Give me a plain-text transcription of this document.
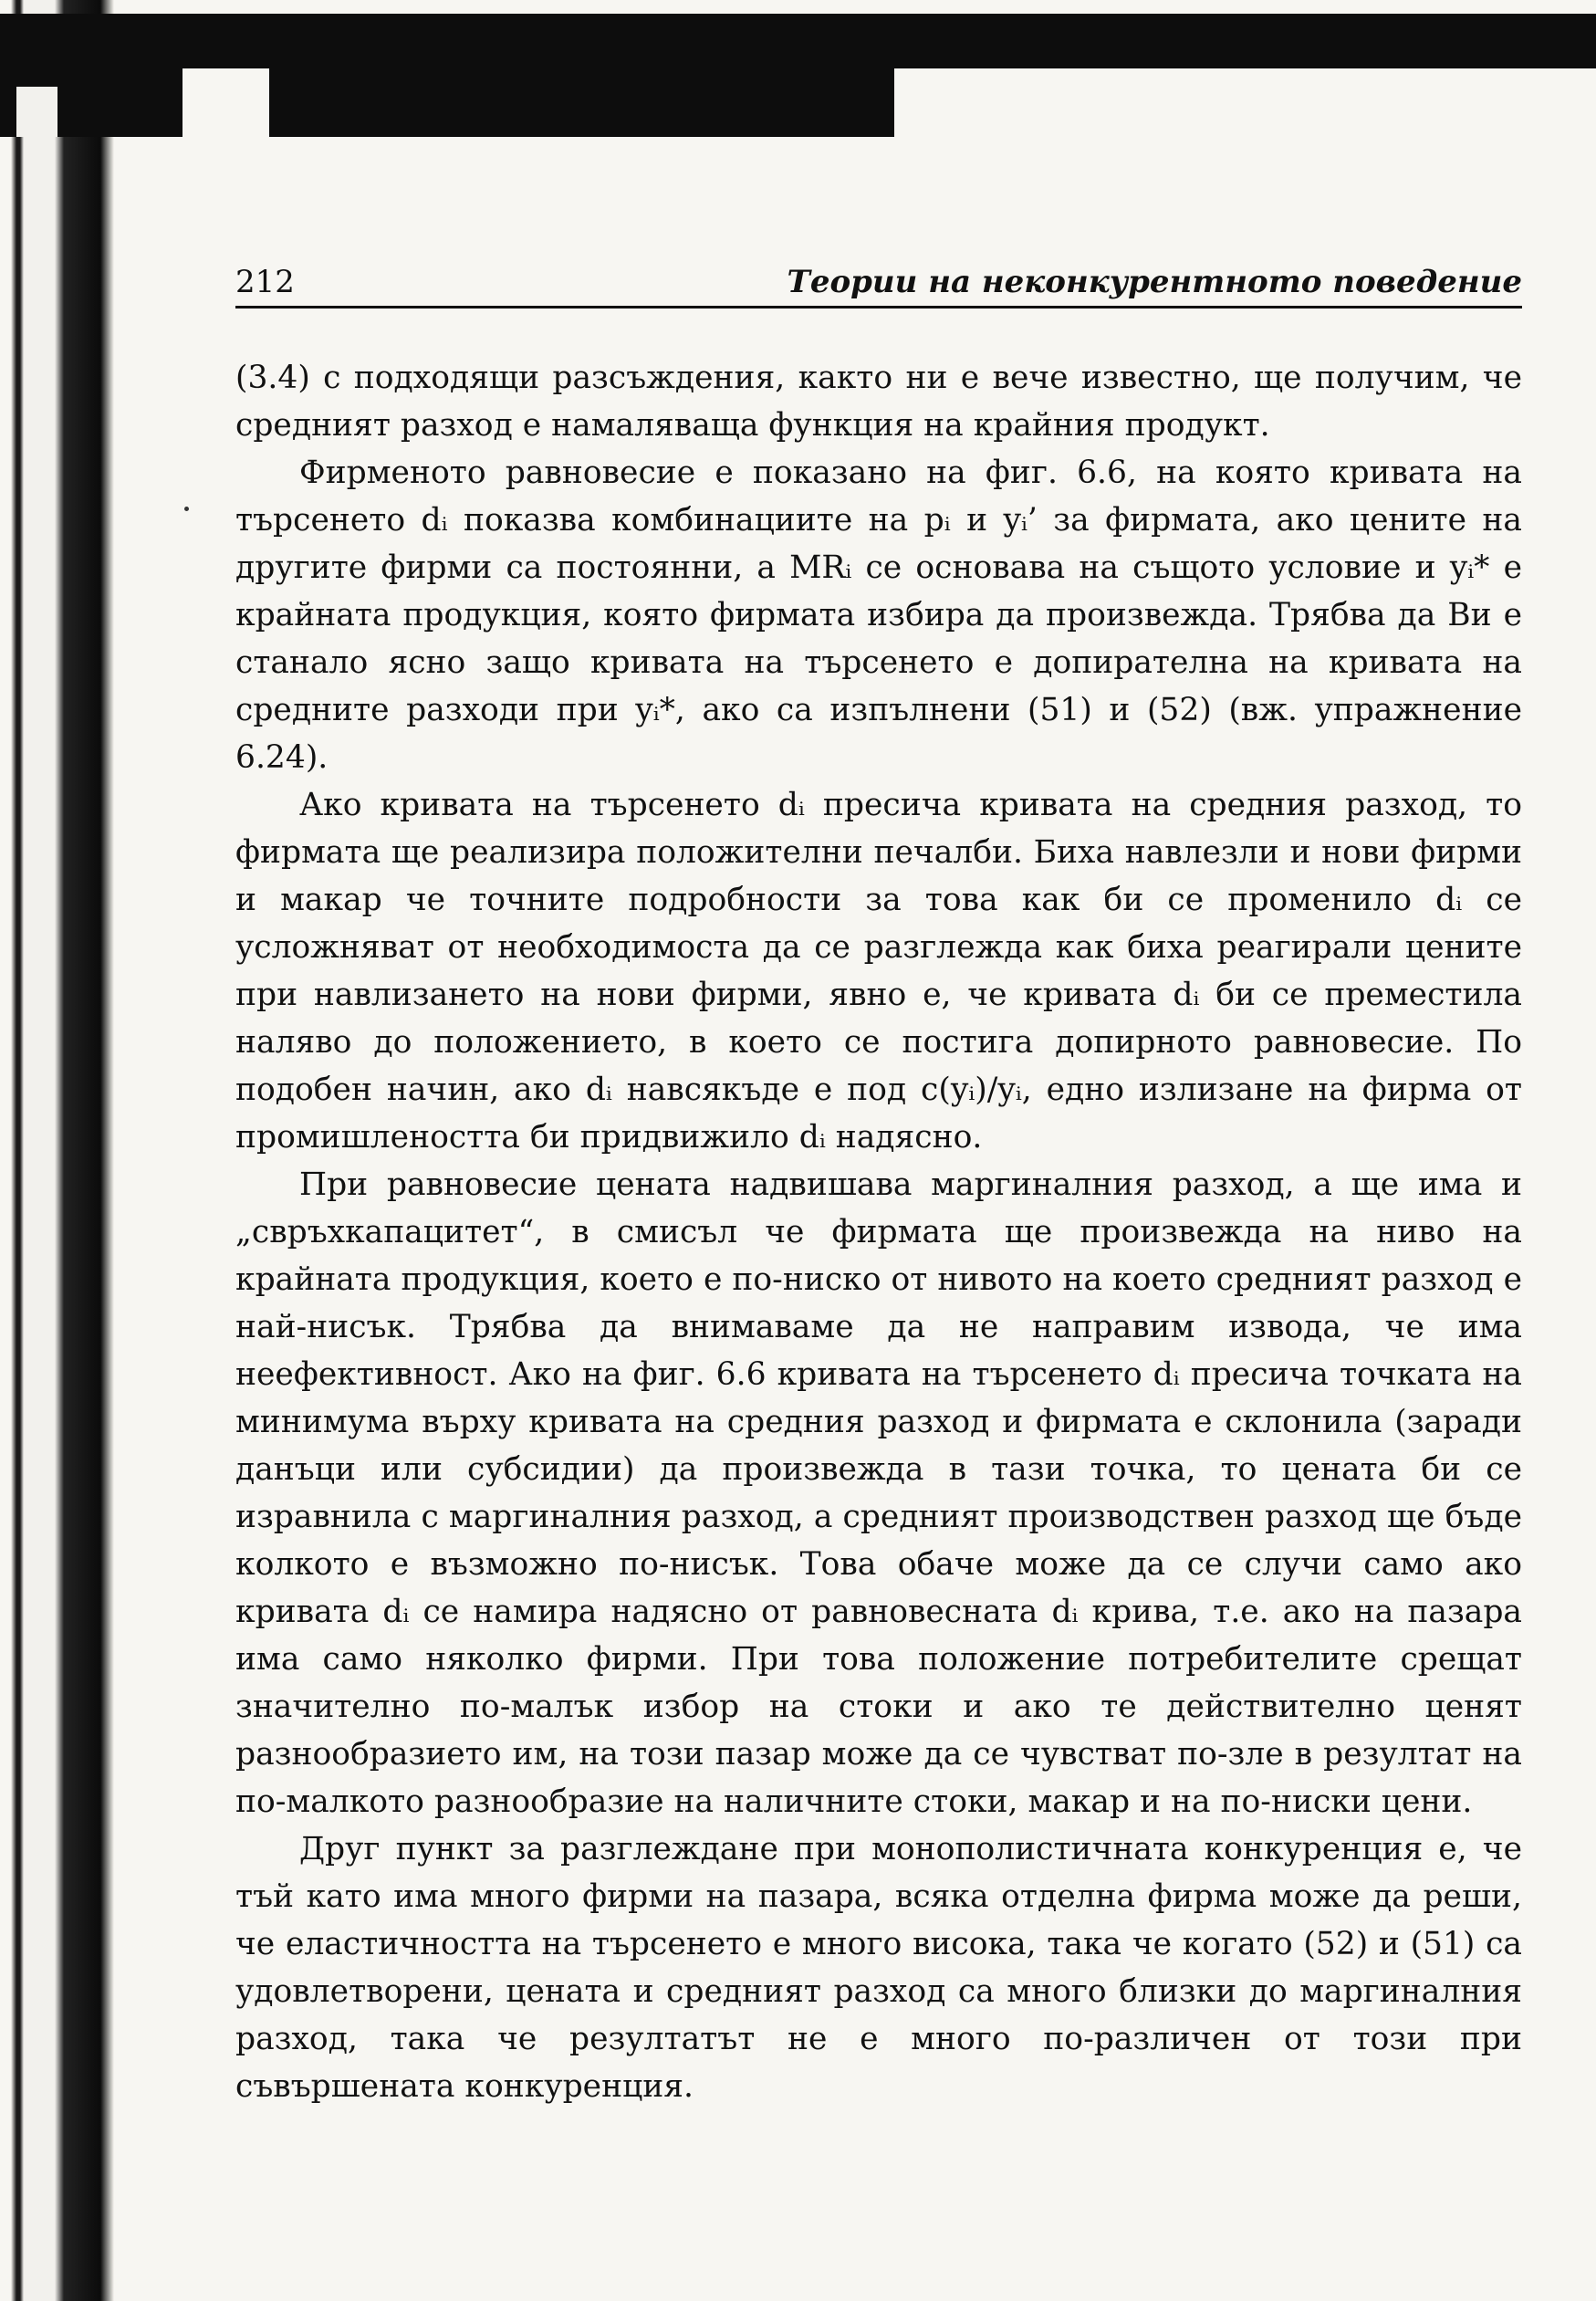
212	Теории на неконкурентното поведение

(3.4) с подходящи разсъждения, както ни е вече известно, ще получим, че средният разход е намаляваща функция на крайния продукт.

Фирменото равновесие е показано на фиг. 6.6, на която кривата на търсенето dᵢ показва комбинациите на pᵢ и yᵢ’ за фирмата, ако цените на другите фирми са постоянни, а MRᵢ се основава на същото условие и yᵢ* е крайната продукция, която фирмата избира да произвежда. Трябва да Ви е станало ясно защо кривата на търсенето е допирателна на кривата на средните разходи при yᵢ*, ако са изпълнени (51) и (52) (вж. упражнение 6.24).

Ако кривата на търсенето dᵢ пресича кривата на средния разход, то фирмата ще реализира положителни печалби. Биха навлезли и нови фирми и макар че точните подробности за това как би се променило dᵢ се усложняват от необходимоста да се разглежда как биха реагирали цените при навлизането на нови фирми, явно е, че кривата dᵢ би се преместила наляво до положението, в което се постига допирното равновесие. По подобен начин, ако dᵢ навсякъде е под c(yᵢ)/yᵢ, едно излизане на фирма от промишлеността би придвижило dᵢ надясно.

При равновесие цената надвишава маргиналния разход, а ще има и „свръхкапацитет“, в смисъл че фирмата ще произвежда на ниво на крайната продукция, което е по-ниско от нивото на което средният разход е най-нисък. Трябва да внимаваме да не направим извода, че има неефективност. Ако на фиг. 6.6 кривата на търсенето dᵢ пресича точката на минимума върху кривата на средния разход и фирмата е склонила (заради данъци или субсидии) да произвежда в тази точка, то цената би се изравнила с маргиналния разход, а средният производствен разход ще бъде колкото е възможно по-нисък. Това обаче може да се случи само ако кривата dᵢ се намира надясно от равновесната dᵢ крива, т.е. ако на пазара има само няколко фирми. При това положение потребителите срещат значително по-малък избор на стоки и ако те действително ценят разнообразието им, на този пазар може да се чувстват по-зле в резултат на по-малкото разнообразие на наличните стоки, макар и на по-ниски цени.

Друг пункт за разглеждане при монополистичната конкуренция е, че тъй като има много фирми на пазара, всяка отделна фирма може да реши, че еластичността на търсенето е много висока, така че когато (52) и (51) са удовлетворени, цената и средният разход са много близки до маргиналния разход, така че резултатът не е много по-различен от този при съвършената конкуренция.
